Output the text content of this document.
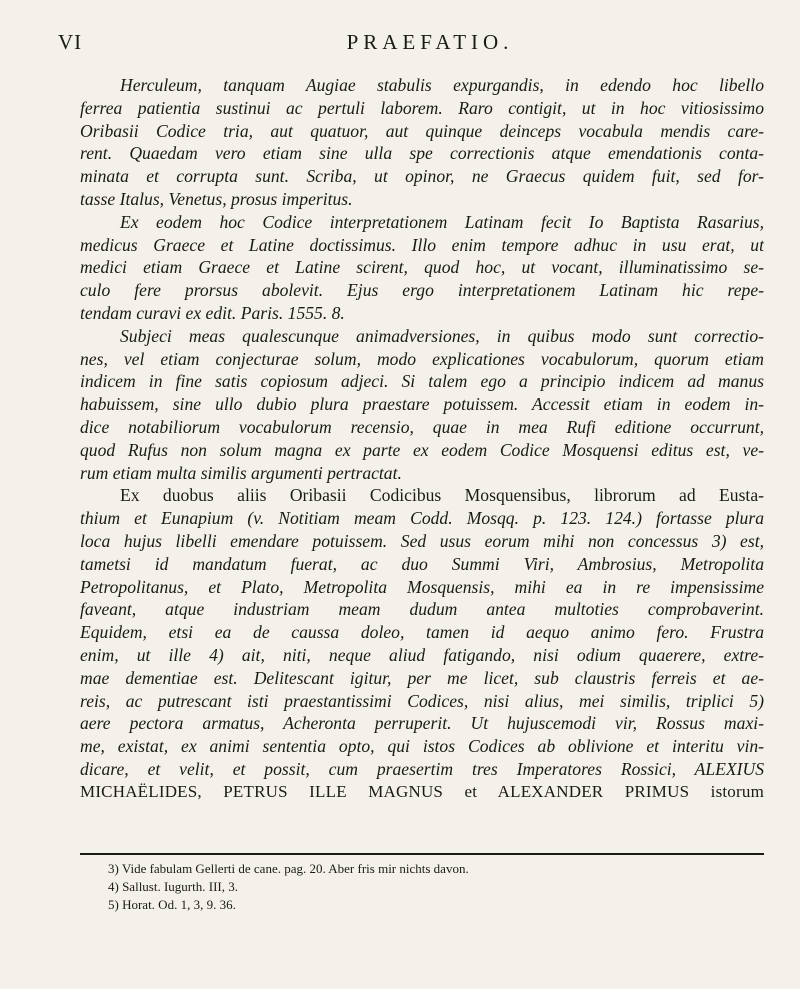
VI	PRAEFATIO.
Herculeum, tanquam Augiae stabulis expurgandis, in edendo hoc libello
ferrea patientia sustinui ac pertuli laborem. Raro contigit, ut in hoc vitiosissimo
Oribasii Codice tria, aut quatuor, aut quinque deinceps vocabula mendis care-
rent. Quaedam vero etiam sine ulla spe correctionis atque emendationis conta-
minata et corrupta sunt. Scriba, ut opinor, ne Graecus quidem fuit, sed for-
tasse Italus, Venetus, prosus imperitus.
Ex eodem hoc Codice interpretationem Latinam fecit Io Baptista Rasarius,
medicus Graece et Latine doctissimus. Illo enim tempore adhuc in usu erat, ut
medici etiam Graece et Latine scirent, quod hoc, ut vocant, illuminatissimo se-
culo fere prorsus abolevit. Ejus ergo interpretationem Latinam hic repe-
tendam curavi ex edit. Paris. 1555. 8.
Subjeci meas qualescunque animadversiones, in quibus modo sunt correctio-
nes, vel etiam conjecturae solum, modo explicationes vocabulorum, quorum etiam
indicem in fine satis copiosum adjeci. Si talem ego a principio indicem ad manus
habuissem, sine ullo dubio plura praestare potuissem. Accessit etiam in eodem in-
dice notabiliorum vocabulorum recensio, quae in mea Rufi editione occurrunt,
quod Rufus non solum magna ex parte ex eodem Codice Mosquensi editus est, ve-
rum etiam multa similis argumenti pertractat.
Ex duobus aliis Oribasii Codicibus Mosquensibus, librorum ad Eusta-
thium et Eunapium (v. Notitiam meam Codd. Mosqq. p. 123. 124.) fortasse plura
loca hujus libelli emendare potuissem. Sed usus eorum mihi non concessus 3) est,
tametsi id mandatum fuerat, ac duo Summi Viri, Ambrosius, Metropolita
Petropolitanus, et Plato, Metropolita Mosquensis, mihi ea in re impensissime
faveant, atque industriam meam dudum antea multoties comprobaverint.
Equidem, etsi ea de caussa doleo, tamen id aequo animo fero. Frustra
enim, ut ille 4) ait, niti, neque aliud fatigando, nisi odium quaerere, extre-
mae dementiae est. Delitescant igitur, per me licet, sub claustris ferreis et ae-
reis, ac putrescant isti praestantissimi Codices, nisi alius, mei similis, triplici 5)
aere pectora armatus, Acheronta perruperit. Ut hujuscemodi vir, Rossus maxi-
me, existat, ex animi sententia opto, qui istos Codices ab oblivione et interitu vin-
dicare, et velit, et possit, cum praesertim tres Imperatores Rossici, ALEXIUS
MICHAËLIDES, PETRUS ILLE MAGNUS et ALEXANDER PRIMUS istorum
3) Vide fabulam Gellerti de cane. pag. 20. Aber fris mir nichts davon.
4) Sallust. Iugurth. III, 3.
5) Horat. Od. 1, 3, 9. 36.
